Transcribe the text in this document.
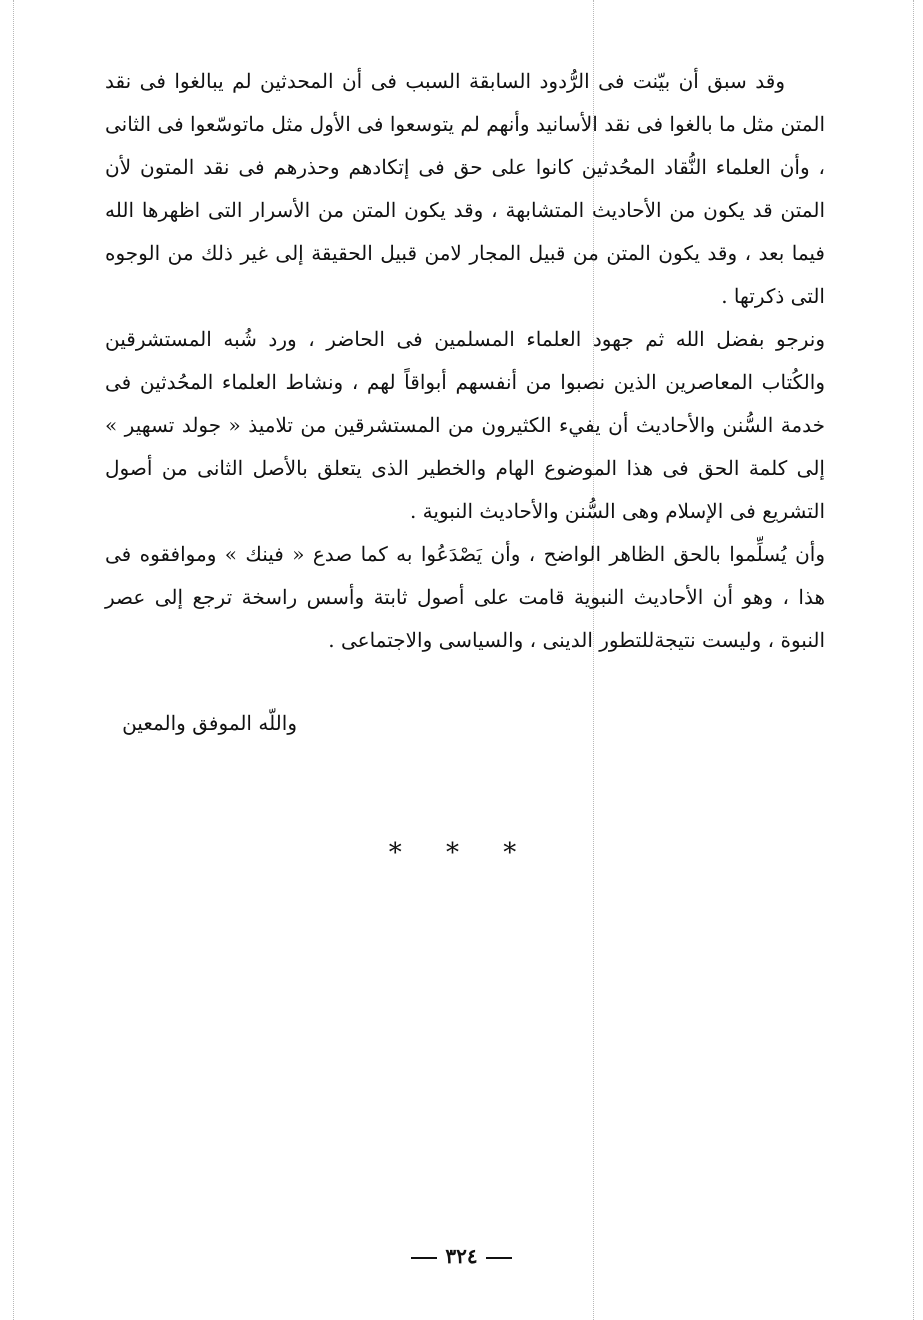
وقد سبق أن بيّنت فى الرُّدود السابقة السبب فى أن المحدثين لم يبالغوا فى نقد المتن مثل ما بالغوا فى نقد الأسانيد وأنهم لم يتوسعوا فى الأول مثل ماتوسّعوا فى الثانى ، وأن العلماء النُّقاد المحُدثين كانوا على حق فى إتكادهم وحذرهم فى نقد المتون لأن المتن قد يكون من الأحاديث المتشابهة ، وقد يكون المتن من الأسرار التى اظهرها الله فيما بعد ، وقد يكون المتن من قبيل المجار لامن قبيل الحقيقة إلى غير ذلك من الوجوه التى ذكرتها .

ونرجو بفضل الله ثم جهود العلماء المسلمين فى الحاضر ، ورد شُبه المستشرقين والكُتاب المعاصرين الذين نصبوا من أنفسهم أبواقاً لهم ، ونشاط العلماء المحُدثين فى خدمة السُّنن والأحاديث أن يفيء الكثيرون من المستشرقين من تلاميذ « جولد تسهير » إلى كلمة الحق فى هذا الموضوع الهام والخطير الذى يتعلق بالأصل الثانى من أصول التشريع فى الإسلام وهى السُّنن والأحاديث النبوية .

وأن يُسلِّموا بالحق الظاهر الواضح ، وأن يَصْدَعُوا به كما صدع « فينك » وموافقوه فى هذا ، وهو أن الأحاديث النبوية قامت على أصول ثابتة وأسس راسخة ترجع إلى عصر النبوة ، وليست نتيجةللتطور الدينى ، والسياسى والاجتماعى .

واللّه الموفق والمعين
* * *
٣٢٤
